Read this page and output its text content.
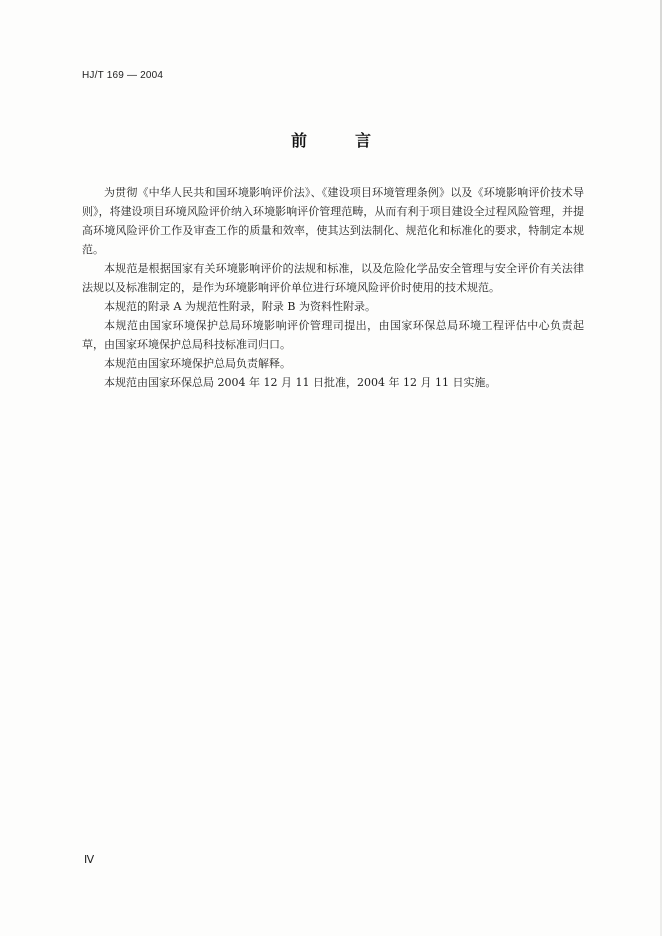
HJ/T 169 — 2004
前言

为贯彻《中华人民共和国环境影响评价法》、《建设项目环境管理条例》以及《环境影响评价技术导则》，将建设项目环境风险评价纳入环境影响评价管理范畴，从而有利于项目建设全过程风险管理，并提高环境风险评价工作及审查工作的质量和效率，使其达到法制化、规范化和标准化的要求，特制定本规范。

本规范是根据国家有关环境影响评价的法规和标准，以及危险化学品安全管理与安全评价有关法律法规以及标准制定的，是作为环境影响评价单位进行环境风险评价时使用的技术规范。

本规范的附录 A 为规范性附录，附录 B 为资料性附录。

本规范由国家环境保护总局环境影响评价管理司提出，由国家环保总局环境工程评估中心负责起草，由国家环境保护总局科技标准司归口。

本规范由国家环境保护总局负责解释。

本规范由国家环保总局 2004 年 12 月 11 日批准，2004 年 12 月 11 日实施。

Ⅳ
